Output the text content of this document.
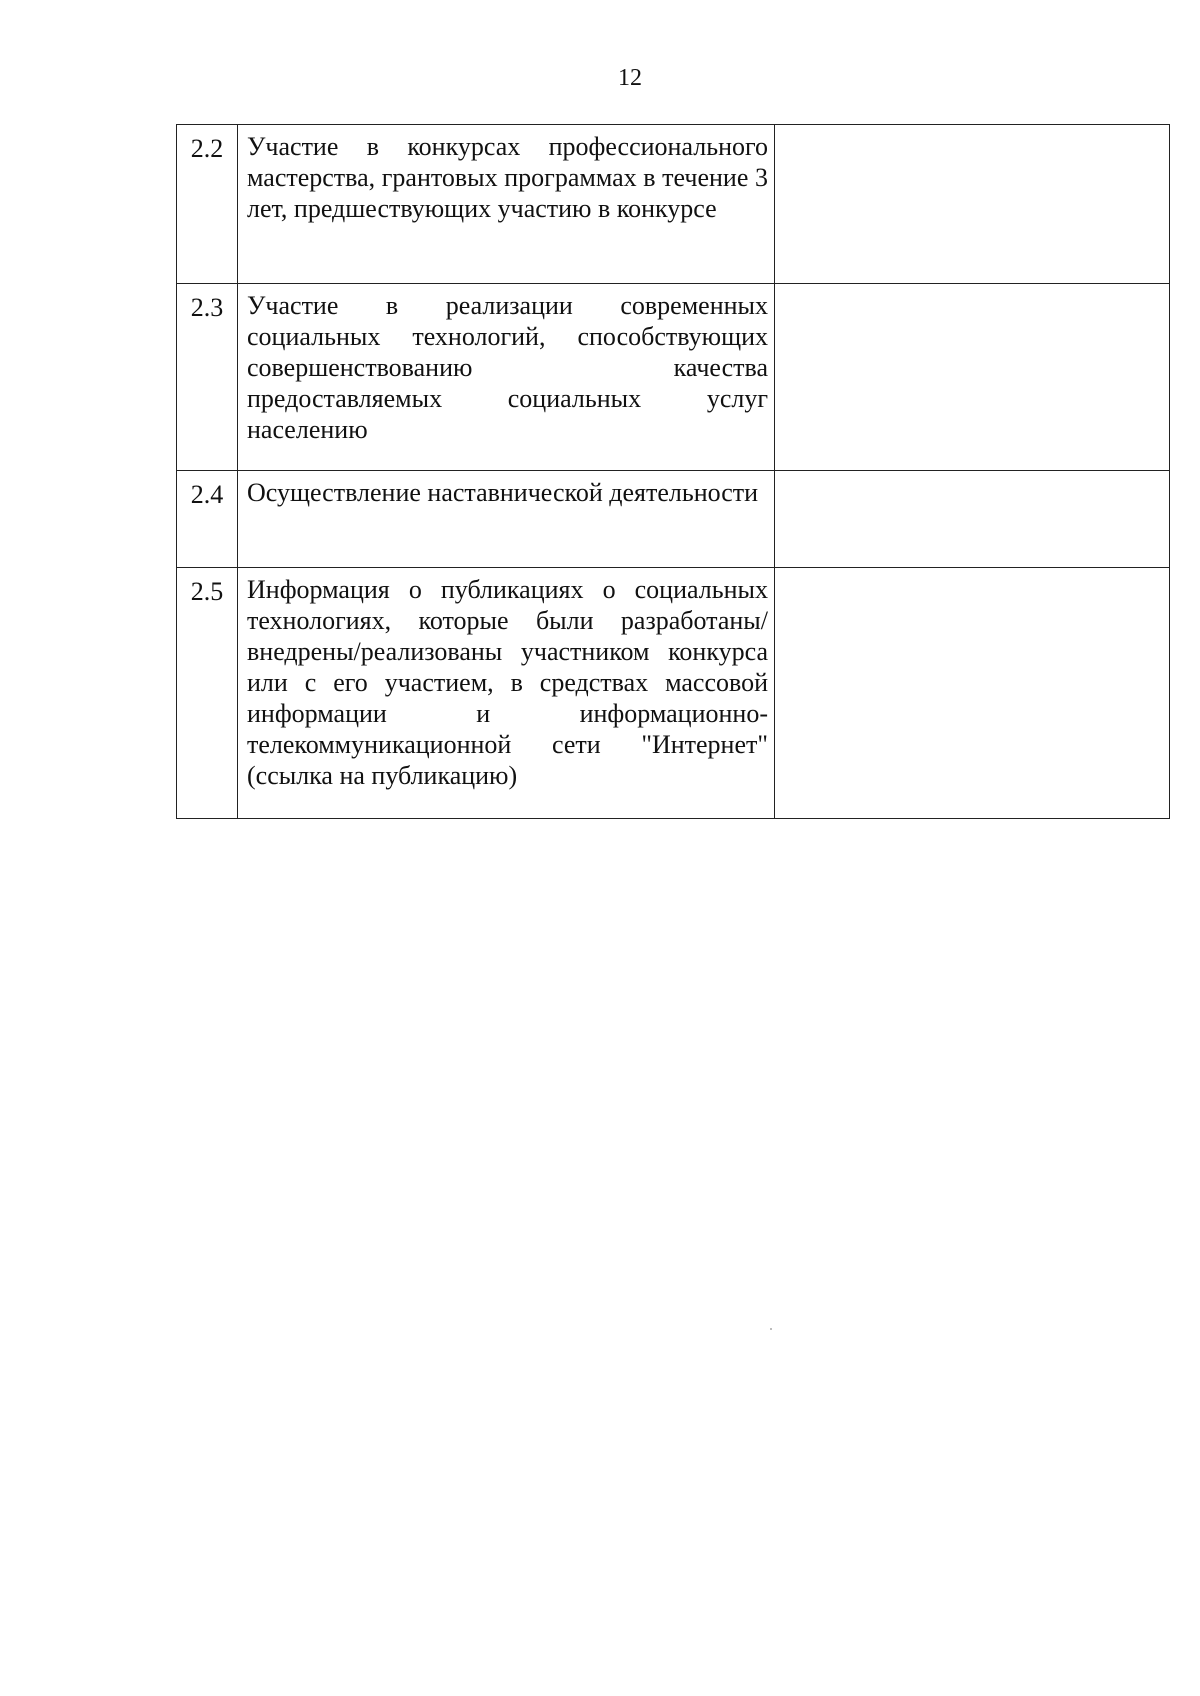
12
2.2	Участие в конкурсах профессионального мастерства, грантовых программах в течение 3 лет, предшествующих участию в конкурсе	
2.3	Участие в реализации современных социальных технологий, способствующих совершенствованию качества предоставляемых социальных услуг населению	
2.4	Осуществление наставнической деятельности	
2.5	Информация о публикациях о социальных технологиях, которые были разработаны/внедрены/реализованы участником конкурса или с его участием, в средствах массовой информации и информационно-телекоммуникационной сети "Интернет" (ссылка на публикацию)	
